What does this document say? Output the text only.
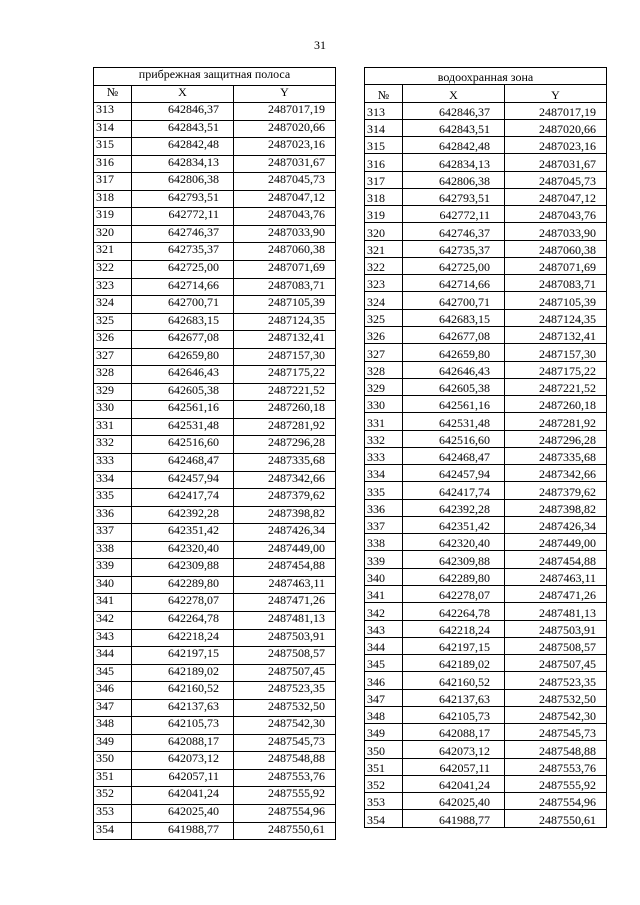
31
прибрежная защитная полоса		
№	X	Y
313	642846,37	2487017,19
314	642843,51	2487020,66
315	642842,48	2487023,16
316	642834,13	2487031,67
317	642806,38	2487045,73
318	642793,51	2487047,12
319	642772,11	2487043,76
320	642746,37	2487033,90
321	642735,37	2487060,38
322	642725,00	2487071,69
323	642714,66	2487083,71
324	642700,71	2487105,39
325	642683,15	2487124,35
326	642677,08	2487132,41
327	642659,80	2487157,30
328	642646,43	2487175,22
329	642605,38	2487221,52
330	642561,16	2487260,18
331	642531,48	2487281,92
332	642516,60	2487296,28
333	642468,47	2487335,68
334	642457,94	2487342,66
335	642417,74	2487379,62
336	642392,28	2487398,82
337	642351,42	2487426,34
338	642320,40	2487449,00
339	642309,88	2487454,88
340	642289,80	2487463,11
341	642278,07	2487471,26
342	642264,78	2487481,13
343	642218,24	2487503,91
344	642197,15	2487508,57
345	642189,02	2487507,45
346	642160,52	2487523,35
347	642137,63	2487532,50
348	642105,73	2487542,30
349	642088,17	2487545,73
350	642073,12	2487548,88
351	642057,11	2487553,76
352	642041,24	2487555,92
353	642025,40	2487554,96
354	641988,77	2487550,61
водоохранная зона		
№	X	Y
313	642846,37	2487017,19
314	642843,51	2487020,66
315	642842,48	2487023,16
316	642834,13	2487031,67
317	642806,38	2487045,73
318	642793,51	2487047,12
319	642772,11	2487043,76
320	642746,37	2487033,90
321	642735,37	2487060,38
322	642725,00	2487071,69
323	642714,66	2487083,71
324	642700,71	2487105,39
325	642683,15	2487124,35
326	642677,08	2487132,41
327	642659,80	2487157,30
328	642646,43	2487175,22
329	642605,38	2487221,52
330	642561,16	2487260,18
331	642531,48	2487281,92
332	642516,60	2487296,28
333	642468,47	2487335,68
334	642457,94	2487342,66
335	642417,74	2487379,62
336	642392,28	2487398,82
337	642351,42	2487426,34
338	642320,40	2487449,00
339	642309,88	2487454,88
340	642289,80	2487463,11
341	642278,07	2487471,26
342	642264,78	2487481,13
343	642218,24	2487503,91
344	642197,15	2487508,57
345	642189,02	2487507,45
346	642160,52	2487523,35
347	642137,63	2487532,50
348	642105,73	2487542,30
349	642088,17	2487545,73
350	642073,12	2487548,88
351	642057,11	2487553,76
352	642041,24	2487555,92
353	642025,40	2487554,96
354	641988,77	2487550,61
